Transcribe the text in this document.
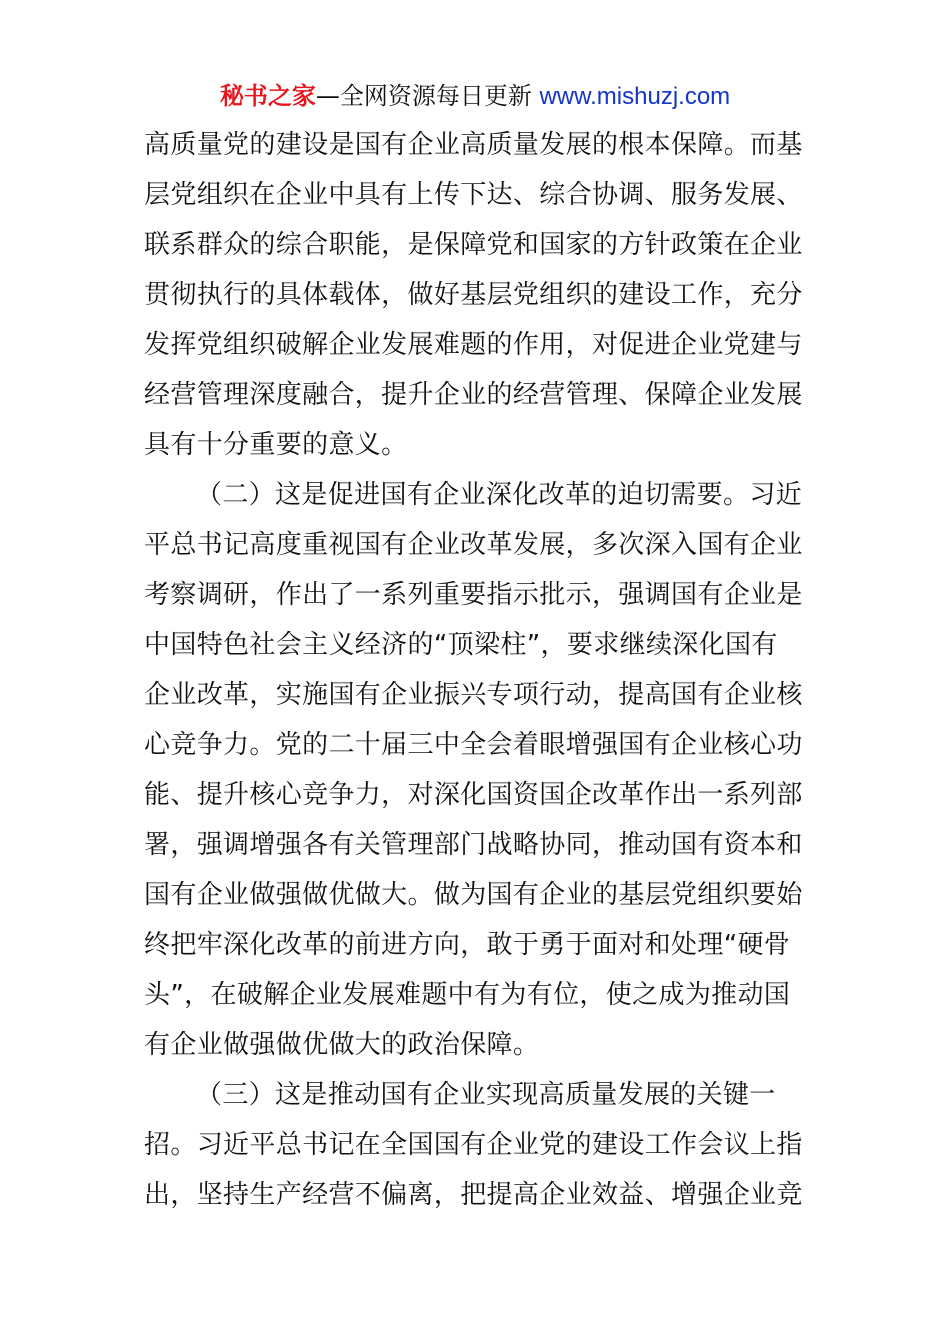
秘书之家—全网资源每日更新 www.mishuzj.com
高质量党的建设是国有企业高质量发展的根本保障。而基
层党组织在企业中具有上传下达、综合协调、服务发展、
联系群众的综合职能，是保障党和国家的方针政策在企业
贯彻执行的具体载体，做好基层党组织的建设工作，充分
发挥党组织破解企业发展难题的作用，对促进企业党建与
经营管理深度融合，提升企业的经营管理、保障企业发展
具有十分重要的意义。
（二）这是促进国有企业深化改革的迫切需要。习近
平总书记高度重视国有企业改革发展，多次深入国有企业
考察调研，作出了一系列重要指示批示，强调国有企业是
中国特色社会主义经济的“顶梁柱”，要求继续深化国有
企业改革，实施国有企业振兴专项行动，提高国有企业核
心竞争力。党的二十届三中全会着眼增强国有企业核心功
能、提升核心竞争力，对深化国资国企改革作出一系列部
署，强调增强各有关管理部门战略协同，推动国有资本和
国有企业做强做优做大。做为国有企业的基层党组织要始
终把牢深化改革的前进方向，敢于勇于面对和处理“硬骨
头”，在破解企业发展难题中有为有位，使之成为推动国
有企业做强做优做大的政治保障。
（三）这是推动国有企业实现高质量发展的关键一
招。习近平总书记在全国国有企业党的建设工作会议上指
出，坚持生产经营不偏离，把提高企业效益、增强企业竞
